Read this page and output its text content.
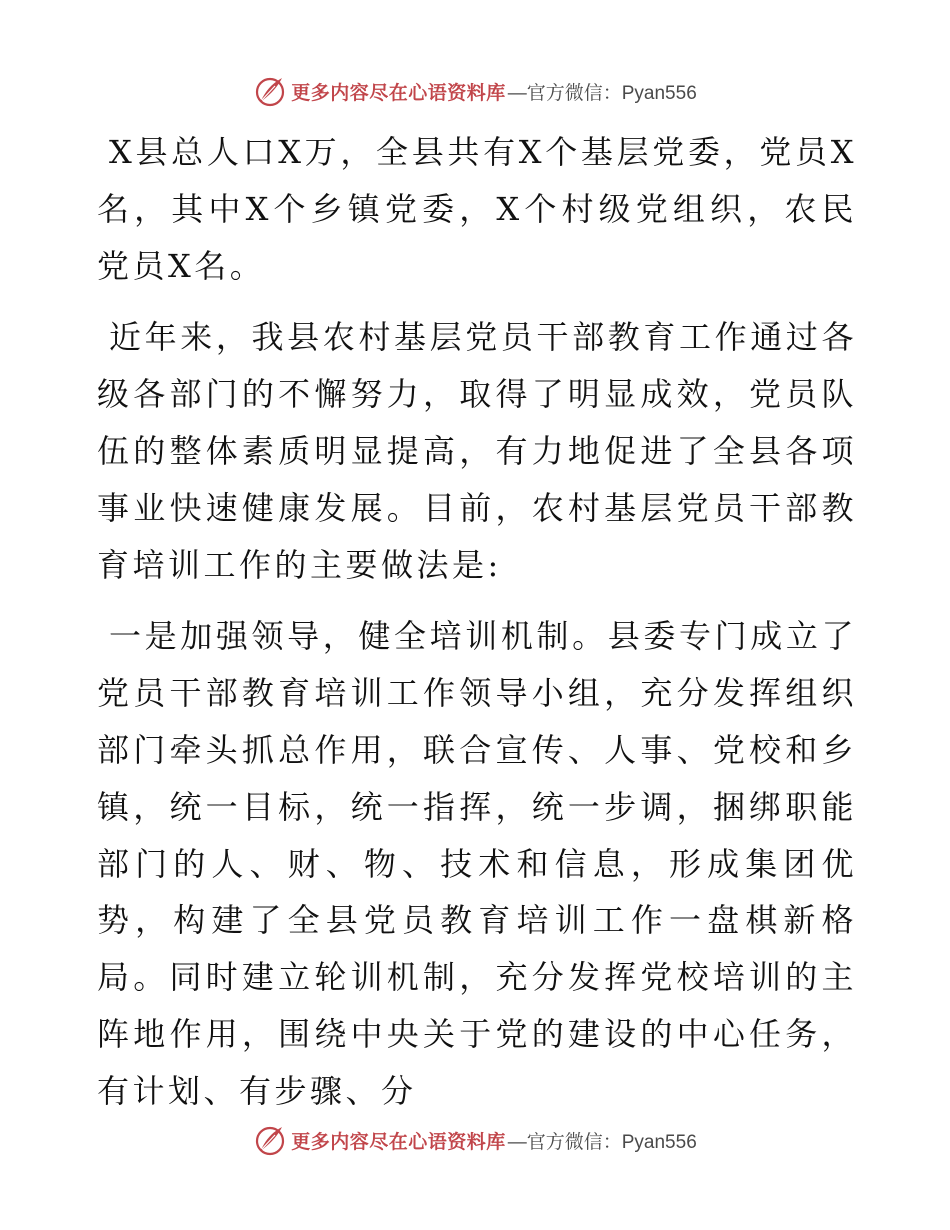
更多内容尽在心语资料库 —官方微信：Pyan556

X县总人口X万，全县共有X个基层党委，党员X名，其中X个乡镇党委，X个村级党组织，农民党员X名。

近年来，我县农村基层党员干部教育工作通过各级各部门的不懈努力，取得了明显成效，党员队伍的整体素质明显提高，有力地促进了全县各项事业快速健康发展。目前，农村基层党员干部教育培训工作的主要做法是:

一是加强领导，健全培训机制。县委专门成立了党员干部教育培训工作领导小组，充分发挥组织部门牵头抓总作用，联合宣传、人事、党校和乡镇，统一目标，统一指挥，统一步调，捆绑职能部门的人、财、物、技术和信息，形成集团优势，构建了全县党员教育培训工作一盘棋新格局。同时建立轮训机制，充分发挥党校培训的主阵地作用，围绕中央关于党的建设的中心任务，有计划、有步骤、分

更多内容尽在心语资料库 —官方微信：Pyan556
